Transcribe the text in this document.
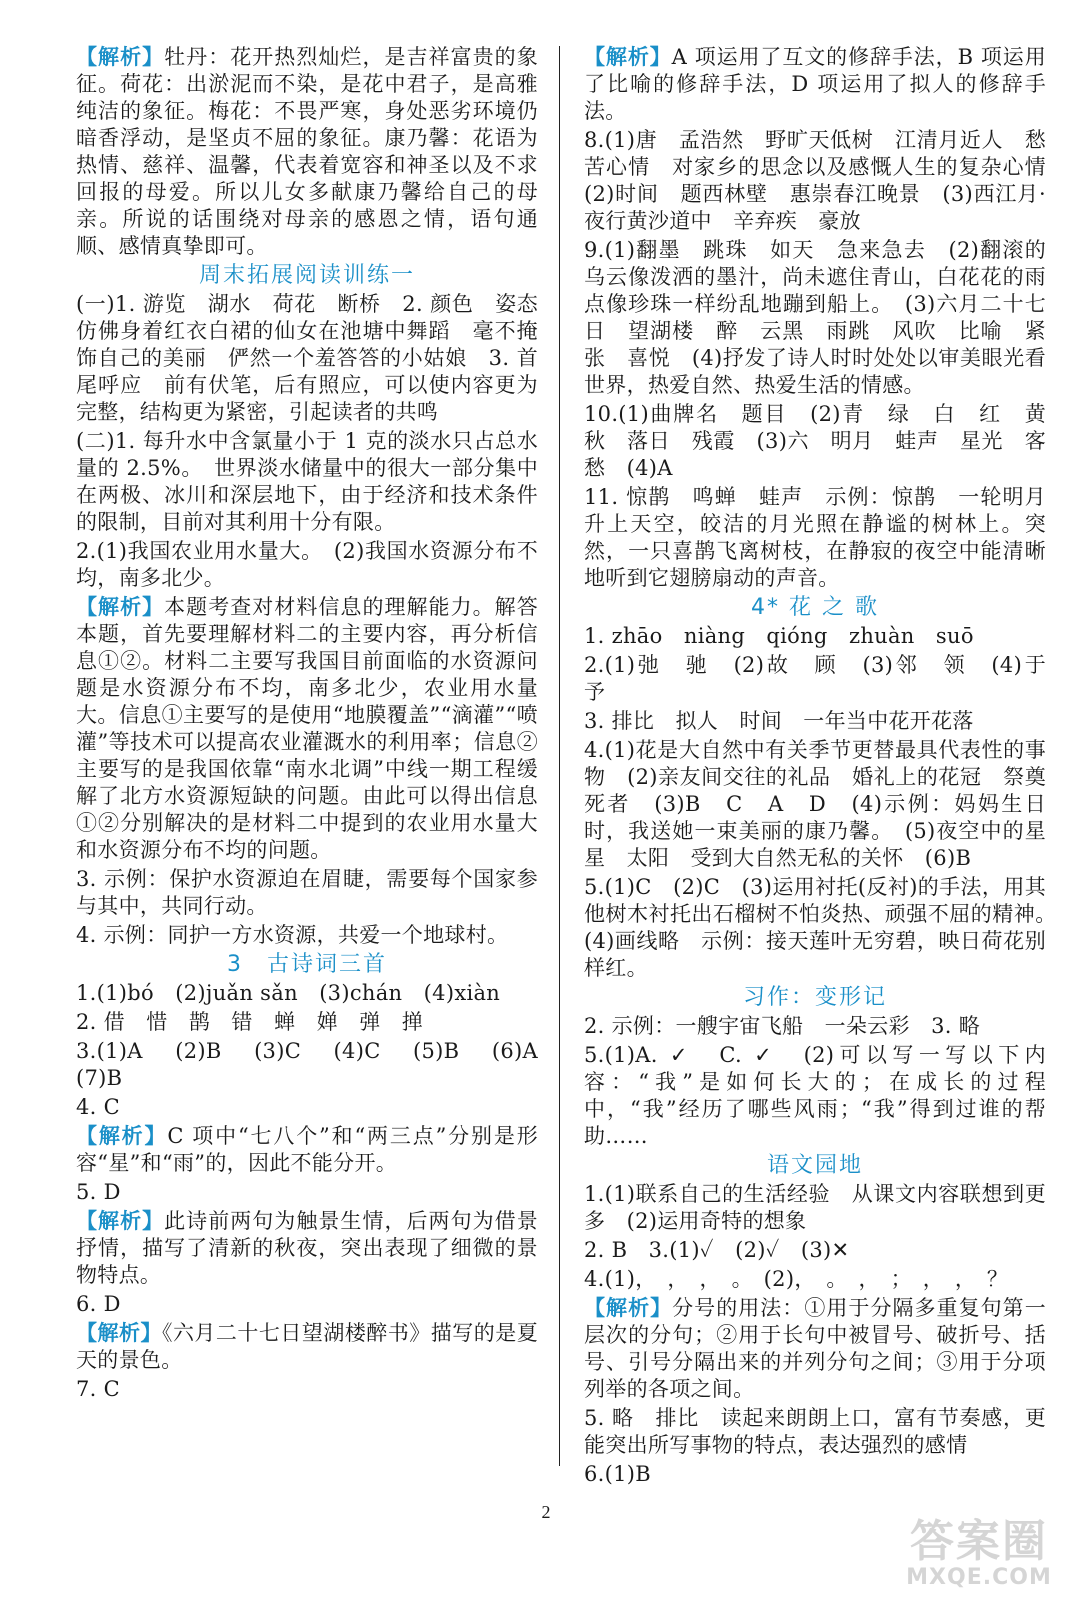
【解析】牡丹：花开热烈灿烂，是吉祥富贵的象征。荷花：出淤泥而不染，是花中君子，是高雅纯洁的象征。梅花：不畏严寒，身处恶劣环境仍暗香浮动，是坚贞不屈的象征。康乃馨：花语为热情、慈祥、温馨，代表着宽容和神圣以及不求回报的母爱。所以儿女多献康乃馨给自己的母亲。所说的话围绕对母亲的感恩之情，语句通顺、感情真挚即可。
周末拓展阅读训练一
(一)1. 游览　湖水　荷花　断桥　2. 颜色　姿态　仿佛身着红衣白裙的仙女在池塘中舞蹈　毫不掩饰自己的美丽　俨然一个羞答答的小姑娘　3. 首尾呼应　前有伏笔，后有照应，可以使内容更为完整，结构更为紧密，引起读者的共鸣
(二)1. 每升水中含氯量小于 1 克的淡水只占总水量的 2.5%。　世界淡水储量中的很大一部分集中在两极、冰川和深层地下，由于经济和技术条件的限制，目前对其利用十分有限。
2.(1)我国农业用水量大。　(2)我国水资源分布不均，南多北少。
【解析】本题考查对材料信息的理解能力。解答本题，首先要理解材料二的主要内容，再分析信息①②。材料二主要写我国目前面临的水资源问题是水资源分布不均，南多北少，农业用水量大。信息①主要写的是使用“地膜覆盖”“滴灌”“喷灌”等技术可以提高农业灌溉水的利用率；信息②主要写的是我国依靠“南水北调”中线一期工程缓解了北方水资源短缺的问题。由此可以得出信息①②分别解决的是材料二中提到的农业用水量大和水资源分布不均的问题。
3. 示例：保护水资源迫在眉睫，需要每个国家参与其中，共同行动。
4. 示例：同护一方水资源，共爱一个地球村。
3　古诗词三首
1.(1)bó　(2)juǎn sǎn　(3)chán　(4)xiàn
2. 借　惜　鹊　错　蝉　婵　弹　掸
3.(1)A　(2)B　(3)C　(4)C　(5)B　(6)A　(7)B
4. C
【解析】C 项中“七八个”和“两三点”分别是形容“星”和“雨”的，因此不能分开。
5. D
【解析】此诗前两句为触景生情，后两句为借景抒情，描写了清新的秋夜，突出表现了细微的景物特点。
6. D
【解析】《六月二十七日望湖楼醉书》描写的是夏天的景色。
7. C
【解析】A 项运用了互文的修辞手法，B 项运用了比喻的修辞手法，D 项运用了拟人的修辞手法。
8.(1)唐　孟浩然　野旷天低树　江清月近人　愁苦心情　对家乡的思念以及感慨人生的复杂心情　(2)时间　题西林壁　惠崇春江晚景　(3)西江月·夜行黄沙道中　辛弃疾　豪放
9.(1)翻墨　跳珠　如天　急来急去　(2)翻滚的乌云像泼洒的墨汁，尚未遮住青山，白花花的雨点像珍珠一样纷乱地蹦到船上。　(3)六月二十七日　望湖楼　醉　云黑　雨跳　风吹　比喻　紧张　喜悦　(4)抒发了诗人时时处处以审美眼光看世界，热爱自然、热爱生活的情感。
10.(1)曲牌名　题目　(2)青　绿　白　红　黄　秋　落日　残霞　(3)六　明月　蛙声　星光　客愁　(4)A
11. 惊鹊　鸣蝉　蛙声　示例：惊鹊　一轮明月升上天空，皎洁的月光照在静谧的树林上。突然，一只喜鹊飞离树枝，在静寂的夜空中能清晰地听到它翅膀扇动的声音。
4* 花 之 歌
1. zhāo　niàng　qióng　zhuàn　suō
2.(1)弛　驰　(2)故　顾　(3)邻　领　(4)于　予
3. 排比　拟人　时间　一年当中花开花落
4.(1)花是大自然中有关季节更替最具代表性的事物　(2)亲友间交往的礼品　婚礼上的花冠　祭奠死者　(3)B　C　A　D　(4)示例：妈妈生日时，我送她一束美丽的康乃馨。　(5)夜空中的星星　太阳　受到大自然无私的关怀　(6)B
5.(1)C　(2)C　(3)运用衬托(反衬)的手法，用其他树木衬托出石榴树不怕炎热、顽强不屈的精神。　(4)画线略　示例：接天莲叶无穷碧，映日荷花别样红。
习作：变形记
2. 示例：一艘宇宙飞船　一朵云彩　3. 略
5.(1)A. ✓　C. ✓　(2)可以写一写以下内容：“我”是如何长大的；在成长的过程中，“我”经历了哪些风雨；“我”得到过谁的帮助……
语文园地
1.(1)联系自己的生活经验　从课文内容联想到更多　(2)运用奇特的想象
2. B　3.(1)✓　(2)✓　(3)✕
4.(1)，　，　，　。　(2)，　。　，　；　，　，　？
【解析】分号的用法：①用于分隔多重复句第一层次的分句；②用于长句中被冒号、破折号、括号、引号分隔出来的并列分句之间；③用于分项列举的各项之间。
5. 略　排比　读起来朗朗上口，富有节奏感，更能突出所写事物的特点，表达强烈的感情
6.(1)B
2
答案圈
MXQE.COM
